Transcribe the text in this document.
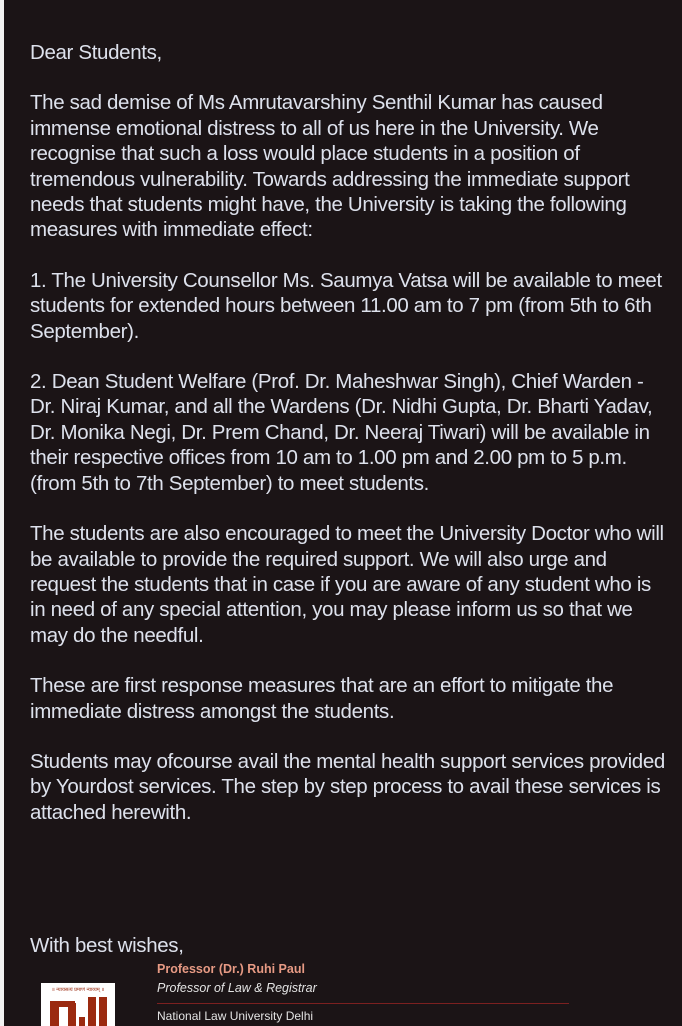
Dear Students,

The sad demise of Ms Amrutavarshiny Senthil Kumar has caused immense emotional distress to all of us here in the University. We recognise that such a loss would place students in a position of tremendous vulnerability. Towards addressing the immediate support needs that students might have, the University is taking the following measures with immediate effect:

1. The University Counsellor Ms. Saumya Vatsa will be available to meet students for extended hours between 11.00 am to 7 pm (from 5th to 6th September).

2. Dean Student Welfare (Prof. Dr. Maheshwar Singh), Chief Warden - Dr. Niraj Kumar, and all the Wardens (Dr. Nidhi Gupta, Dr. Bharti Yadav, Dr. Monika Negi, Dr. Prem Chand, Dr. Neeraj Tiwari) will be available in their respective offices from 10 am to 1.00 pm and 2.00 pm to 5 p.m. (from 5th to 7th September) to meet students.

The students are also encouraged to meet the University Doctor who will be available to provide the required support. We will also urge and request the students that in case if you are aware of any student who is in need of any special attention, you may please inform us so that we may do the needful.

These are first response measures that are an effort to mitigate the immediate distress amongst the students.

Students may ofcourse avail the mental health support services provided by Yourdost services. The step by step process to avail these services is attached herewith.

With best wishes,
॥ न्यायसत्यं प्रमाणं न्याय्यम् ॥
Professor (Dr.) Ruhi Paul
Professor of Law & Registrar
National Law University Delhi
